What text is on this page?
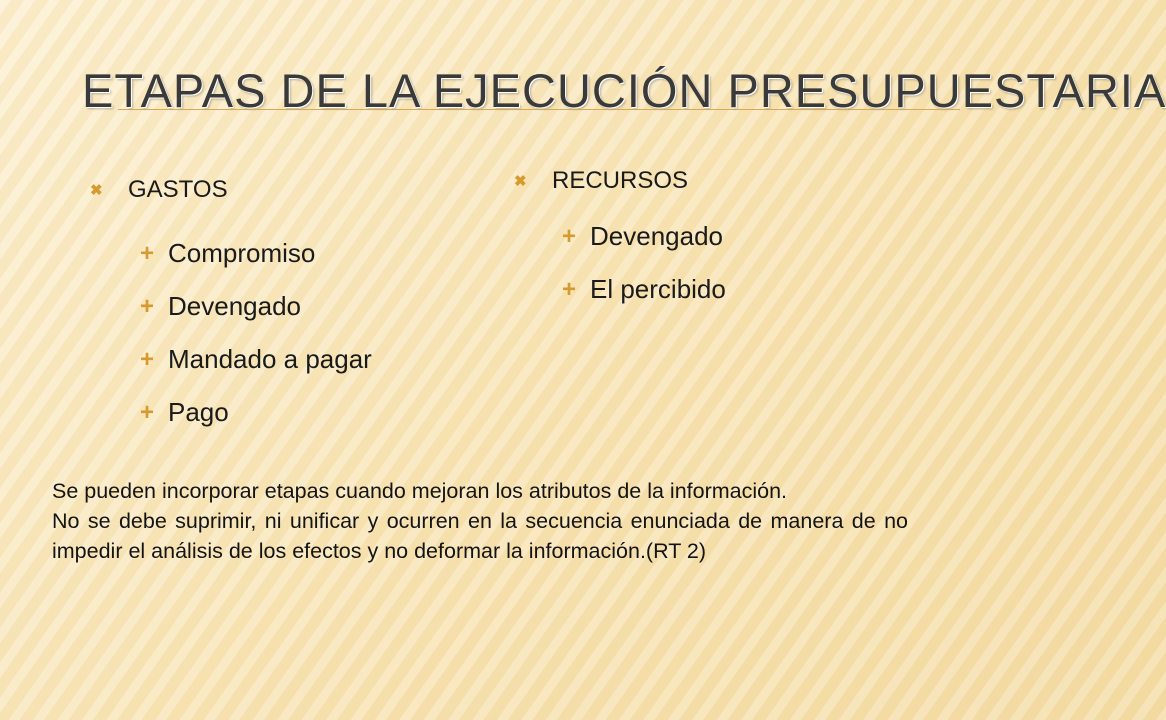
ETAPAS DE LA EJECUCIÓN PRESUPUESTARIA
✖	GASTOS
+ Compromiso
+ Devengado
+ Mandado a pagar
+ Pago
✖	RECURSOS
+ Devengado
+ El percibido

Se pueden incorporar etapas cuando mejoran los atributos de la información.

No se debe suprimir, ni unificar y ocurren en la secuencia enunciada de manera de no impedir el análisis de los efectos y no deformar la información.(RT 2)
